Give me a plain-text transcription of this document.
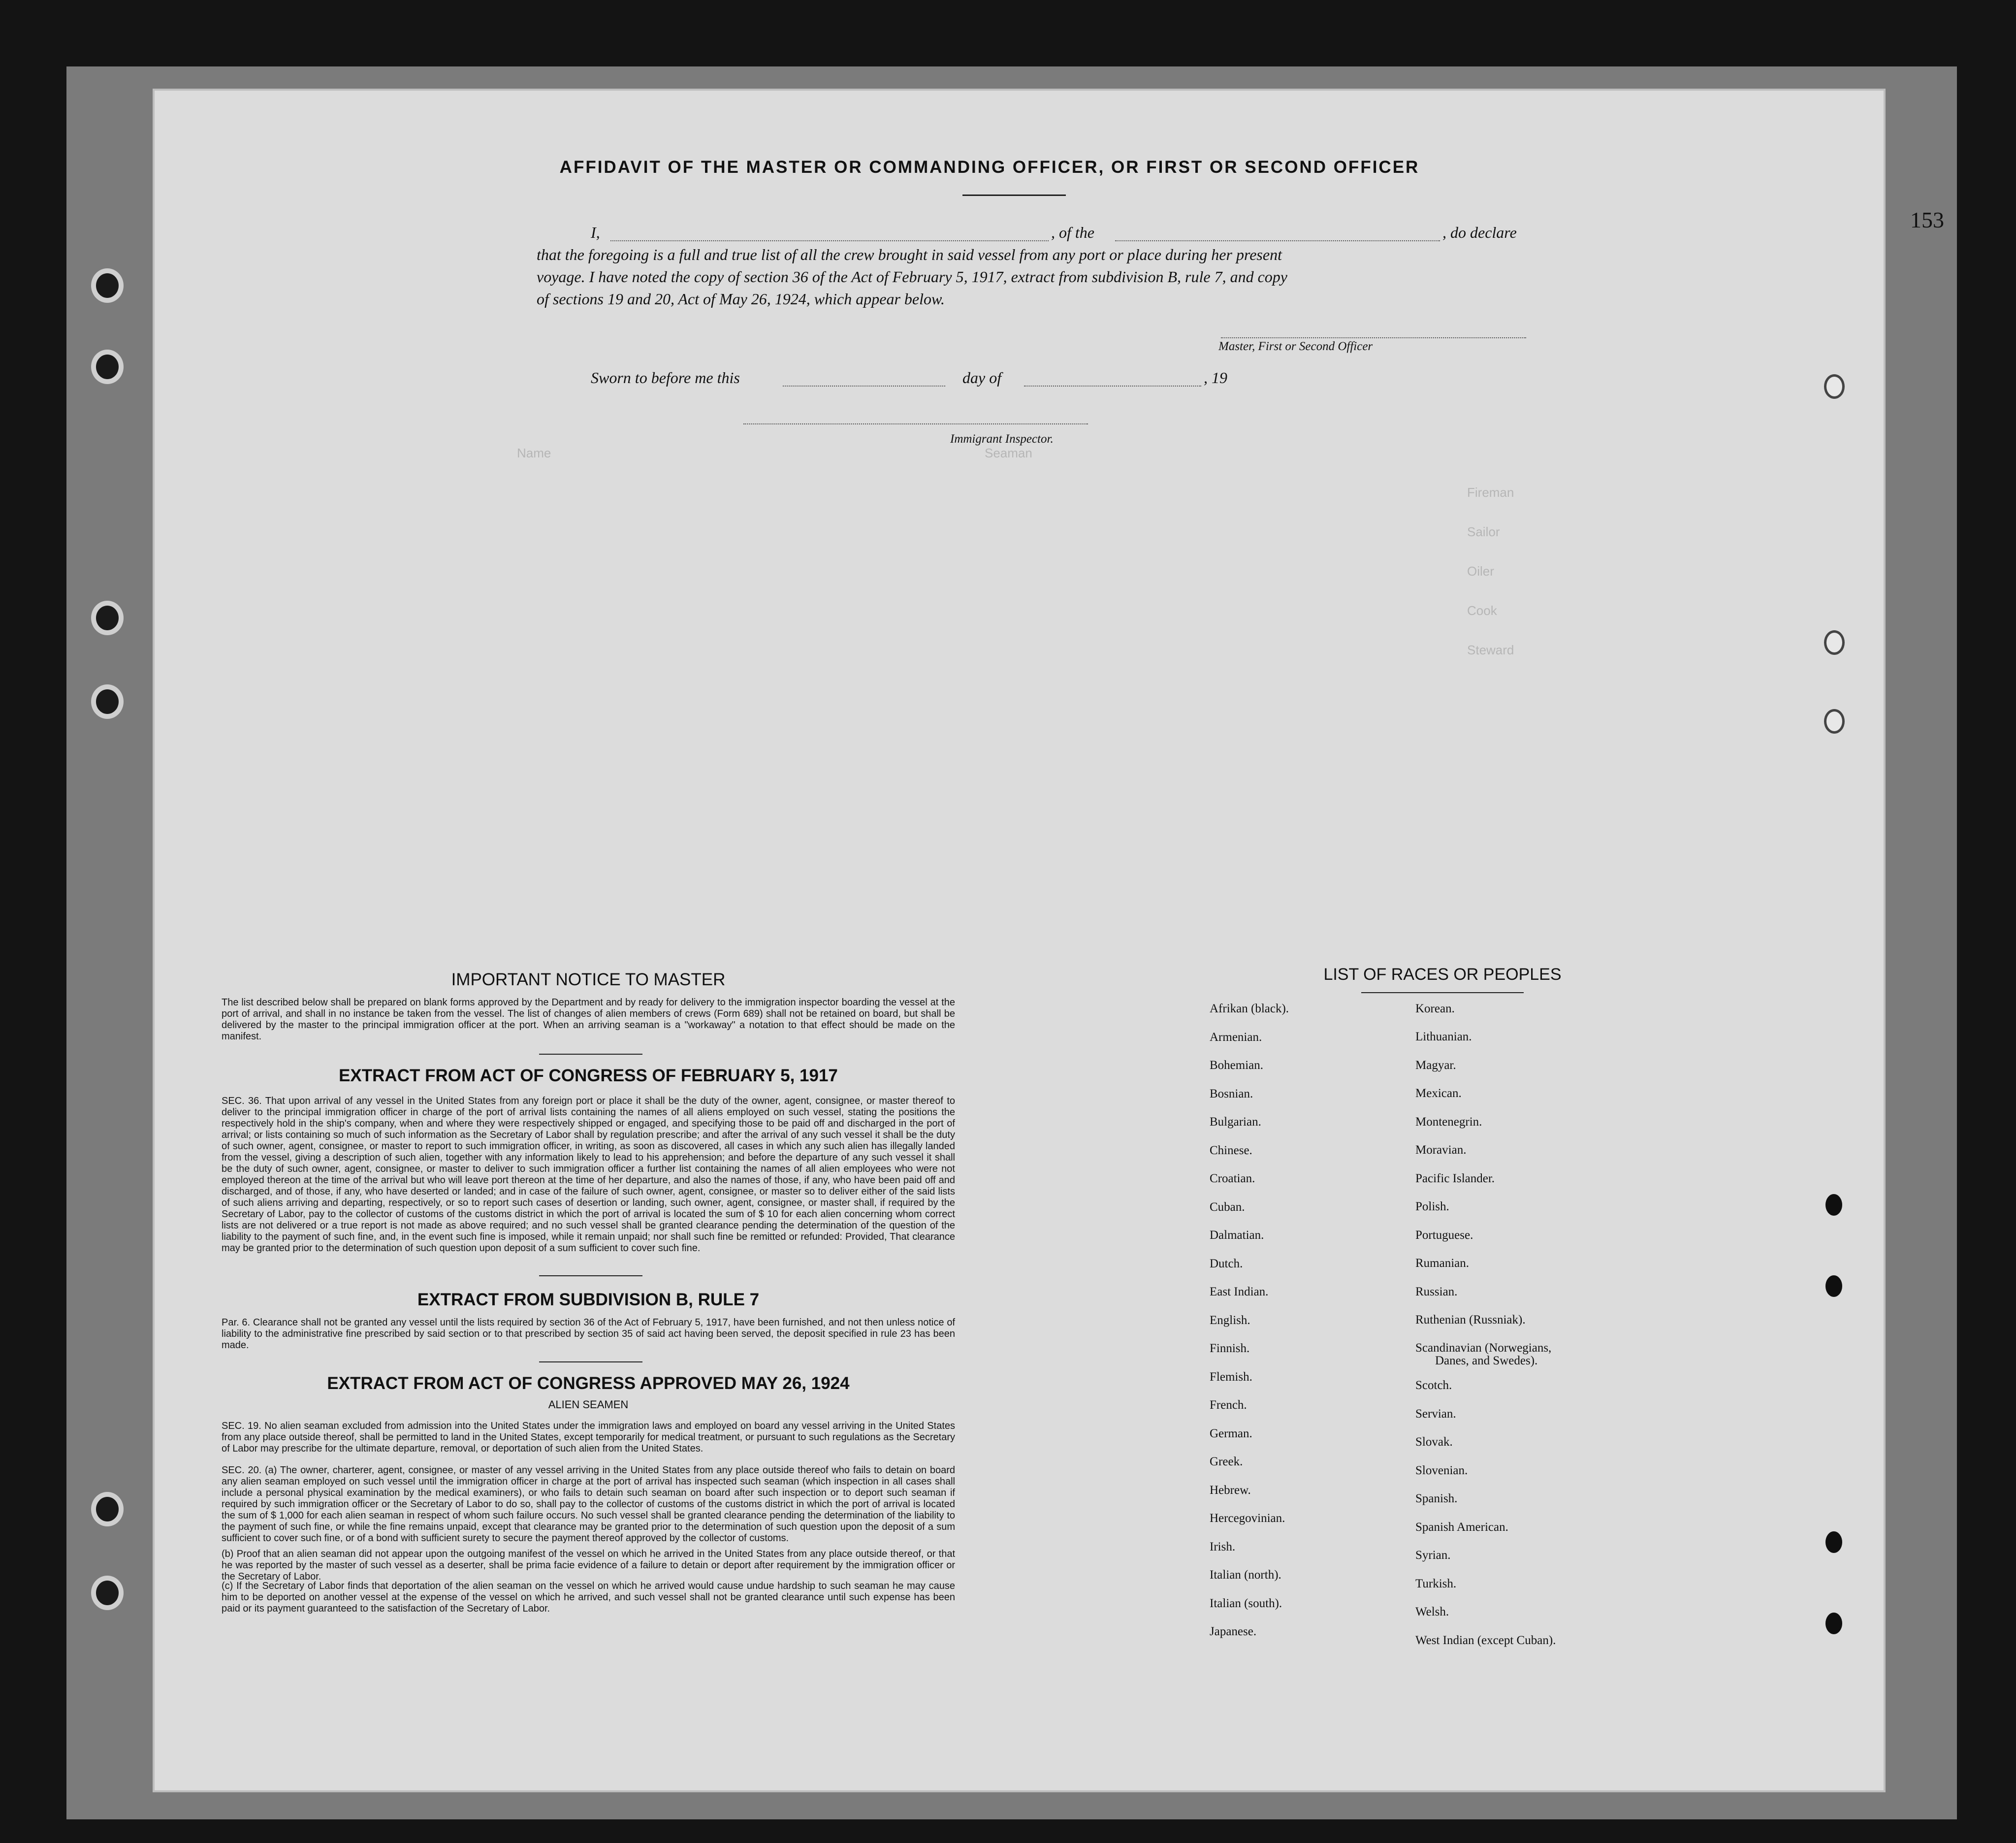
153
Name	Seaman
Fireman
Sailor
Oiler
Cook
Steward
AFFIDAVIT OF THE MASTER OR COMMANDING OFFICER, OR FIRST OR SECOND OFFICER
I,	, of the	, do declare
that the foregoing is a full and true list of all the crew brought in said vessel from any port or place during her present
voyage. I have noted the copy of section 36 of the Act of February 5, 1917, extract from subdivision B, rule 7, and copy
of sections 19 and 20, Act of May 26, 1924, which appear below.
Master, First or Second Officer
Sworn to before me this	day of	, 19
Immigrant Inspector.
IMPORTANT NOTICE TO MASTER

The list described below shall be prepared on blank forms approved by the Department and by ready for delivery to the immigration inspector boarding the vessel at the port of arrival, and shall in no instance be taken from the vessel. The list of changes of alien members of crews (Form 689) shall not be retained on board, but shall be delivered by the master to the principal immigration officer at the port. When an arriving seaman is a "workaway" a notation to that effect should be made on the manifest.

EXTRACT FROM ACT OF CONGRESS OF FEBRUARY 5, 1917

SEC. 36. That upon arrival of any vessel in the United States from any foreign port or place it shall be the duty of the owner, agent, consignee, or master thereof to deliver to the principal immigration officer in charge of the port of arrival lists containing the names of all aliens employed on such vessel, stating the positions the respectively hold in the ship's company, when and where they were respectively shipped or engaged, and specifying those to be paid off and discharged in the port of arrival; or lists containing so much of such information as the Secretary of Labor shall by regulation prescribe; and after the arrival of any such vessel it shall be the duty of such owner, agent, consignee, or master to report to such immigration officer, in writing, as soon as discovered, all cases in which any such alien has illegally landed from the vessel, giving a description of such alien, together with any information likely to lead to his apprehension; and before the departure of any such vessel it shall be the duty of such owner, agent, consignee, or master to deliver to such immigration officer a further list containing the names of all alien employees who were not employed thereon at the time of the arrival but who will leave port thereon at the time of her departure, and also the names of those, if any, who have been paid off and discharged, and of those, if any, who have deserted or landed; and in case of the failure of such owner, agent, consignee, or master so to deliver either of the said lists of such aliens arriving and departing, respectively, or so to report such cases of desertion or landing, such owner, agent, consignee, or master shall, if required by the Secretary of Labor, pay to the collector of customs of the customs district in which the port of arrival is located the sum of $ 10 for each alien concerning whom correct lists are not delivered or a true report is not made as above required; and no such vessel shall be granted clearance pending the determination of the question of the liability to the payment of such fine, and, in the event such fine is imposed, while it remain unpaid; nor shall such fine be remitted or refunded: Provided, That clearance may be granted prior to the determination of such question upon deposit of a sum sufficient to cover such fine.

EXTRACT FROM SUBDIVISION B, RULE 7

Par. 6. Clearance shall not be granted any vessel until the lists required by section 36 of the Act of February 5, 1917, have been furnished, and not then unless notice of liability to the administrative fine prescribed by said section or to that prescribed by section 35 of said act having been served, the deposit specified in rule 23 has been made.

EXTRACT FROM ACT OF CONGRESS APPROVED MAY 26, 1924
ALIEN SEAMEN

SEC. 19. No alien seaman excluded from admission into the United States under the immigration laws and employed on board any vessel arriving in the United States from any place outside thereof, shall be permitted to land in the United States, except temporarily for medical treatment, or pursuant to such regulations as the Secretary of Labor may prescribe for the ultimate departure, removal, or deportation of such alien from the United States.

SEC. 20. (a) The owner, charterer, agent, consignee, or master of any vessel arriving in the United States from any place outside thereof who fails to detain on board any alien seaman employed on such vessel until the immigration officer in charge at the port of arrival has inspected such seaman (which inspection in all cases shall include a personal physical examination by the medical examiners), or who fails to detain such seaman on board after such inspection or to deport such seaman if required by such immigration officer or the Secretary of Labor to do so, shall pay to the collector of customs of the customs district in which the port of arrival is located the sum of $ 1,000 for each alien seaman in respect of whom such failure occurs. No such vessel shall be granted clearance pending the determination of the liability to the payment of such fine, or while the fine remains unpaid, except that clearance may be granted prior to the determination of such question upon the deposit of a sum sufficient to cover such fine, or of a bond with sufficient surety to secure the payment thereof approved by the collector of customs.

(b) Proof that an alien seaman did not appear upon the outgoing manifest of the vessel on which he arrived in the United States from any place outside thereof, or that he was reported by the master of such vessel as a deserter, shall be prima facie evidence of a failure to detain or deport after requirement by the immigration officer or the Secretary of Labor.

(c) If the Secretary of Labor finds that deportation of the alien seaman on the vessel on which he arrived would cause undue hardship to such seaman he may cause him to be deported on another vessel at the expense of the vessel on which he arrived, and such vessel shall not be granted clearance until such expense has been paid or its payment guaranteed to the satisfaction of the Secretary of Labor.

LIST OF RACES OR PEOPLES
Afrikan (black).
Armenian.
Bohemian.
Bosnian.
Bulgarian.
Chinese.
Croatian.
Cuban.
Dalmatian.
Dutch.
East Indian.
English.
Finnish.
Flemish.
French.
German.
Greek.
Hebrew.
Hercegovinian.
Irish.
Italian (north).
Italian (south).
Japanese.
Korean.
Lithuanian.
Magyar.
Mexican.
Montenegrin.
Moravian.
Pacific Islander.
Polish.
Portuguese.
Rumanian.
Russian.
Ruthenian (Russniak).
Scandinavian (Norwegians,
Danes, and Swedes).
Scotch.
Servian.
Slovak.
Slovenian.
Spanish.
Spanish American.
Syrian.
Turkish.
Welsh.
West Indian (except Cuban).
